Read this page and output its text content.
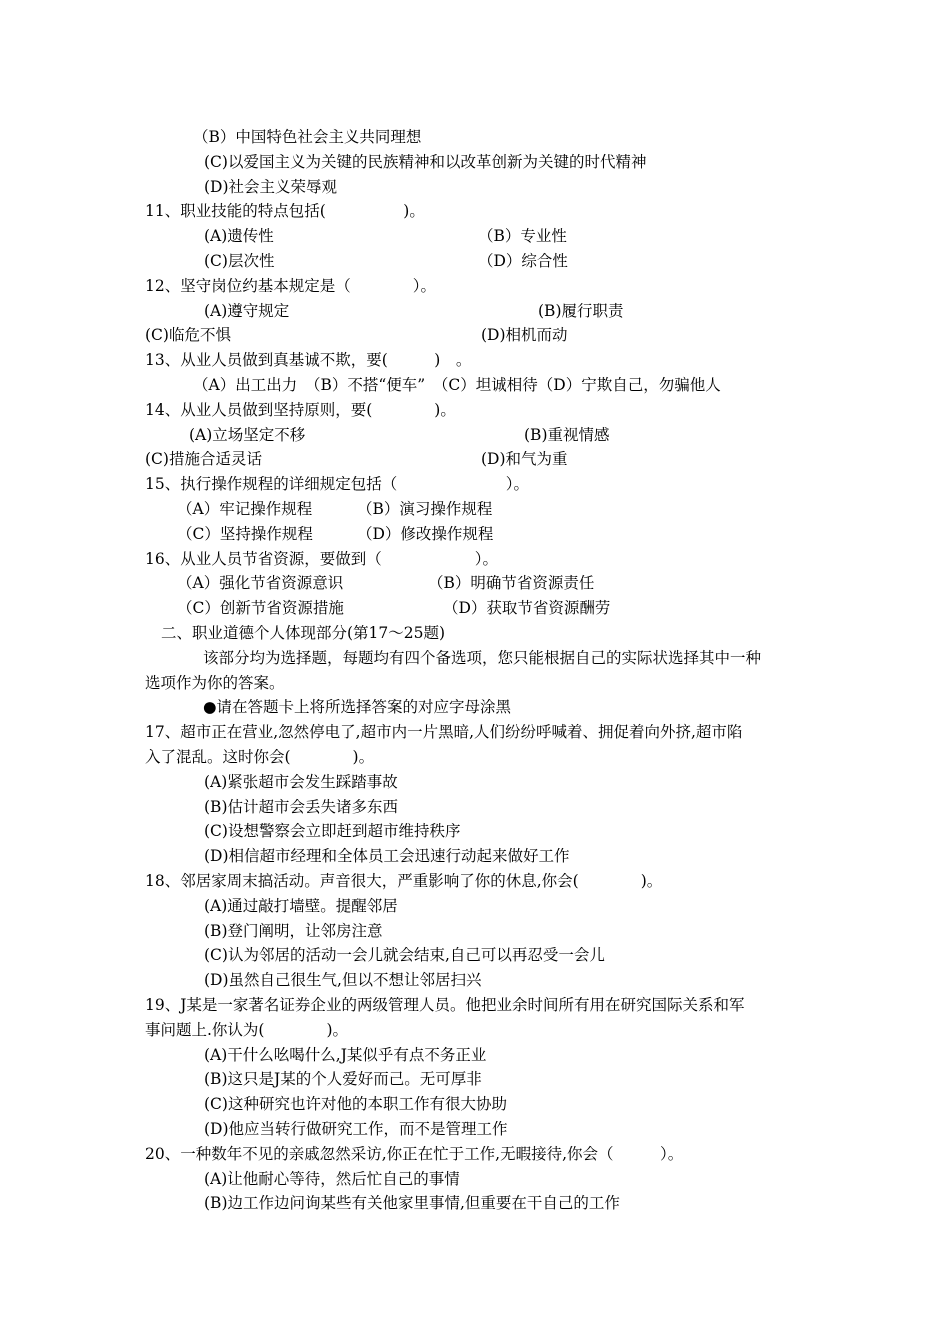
（B）中国特色社会主义共同理想
(C)以爱国主义为关键的民族精神和以改革创新为关键的时代精神
(D)社会主义荣辱观
11、职业技能的特点包括(　　　　　)。
(A)遗传性	（B）专业性
(C)层次性	（D）综合性
12、坚守岗位约基本规定是（　　　　）。
(A)遵守规定	(B)履行职责
(C)临危不惧	(D)相机而动
13、从业人员做到真基诚不欺，要(　　　)　。
（A）出工出力　（B）不搭“便车”　（C）坦诚相待（D）宁欺自己，勿骗他人
14、从业人员做到坚持原则，要(　　　　)。
(A)立场坚定不移	(B)重视情感
(C)措施合适灵话	(D)和气为重
15、执行操作规程的详细规定包括（　　　　　　　）。
（A）牢记操作规程	（B）演习操作规程
（C）坚持操作规程	（D）修改操作规程
16、从业人员节省资源，要做到（　　　　　　）。
（A）强化节省资源意识	（B）明确节省资源责任
（C）创新节省资源措施	（D）获取节省资源酬劳
二、职业道德个人体现部分(第17～25题)
该部分均为选择题，每题均有四个备选项，您只能根据自己的实际状选择其中一种
选项作为你的答案。
●请在答题卡上将所选择答案的对应字母涂黑
17、超市正在营业,忽然停电了,超市内一片黑暗,人们纷纷呼喊着、拥促着向外挤,超市陷
入了混乱。这时你会(　　　　)。
(A)紧张超市会发生踩踏事故
(B)估计超市会丢失诸多东西
(C)设想警察会立即赶到超市维持秩序
(D)相信超市经理和全体员工会迅速行动起来做好工作
18、邻居家周末搞活动。声音很大，严重影响了你的休息,你会(　　　　)。
(A)通过敲打墙壁。提醒邻居
(B)登门阐明，让邻房注意
(C)认为邻居的活动一会儿就会结束,自己可以再忍受一会儿
(D)虽然自己很生气,但以不想让邻居扫兴
19、J某是一家著名证券企业的两级管理人员。他把业余时间所有用在研究国际关系和军
事问题上.你认为(　　　　)。
(A)干什么吆喝什么,J某似乎有点不务正业
(B)这只是J某的个人爱好而己。无可厚非
(C)这种研究也许对他的本职工作有很大协助
(D)他应当转行做研究工作，而不是管理工作
20、一种数年不见的亲戚忽然采访,你正在忙于工作,无暇接待,你会（　　　）。
(A)让他耐心等待，然后忙自己的事情
(B)边工作边问询某些有关他家里事情,但重要在干自己的工作
